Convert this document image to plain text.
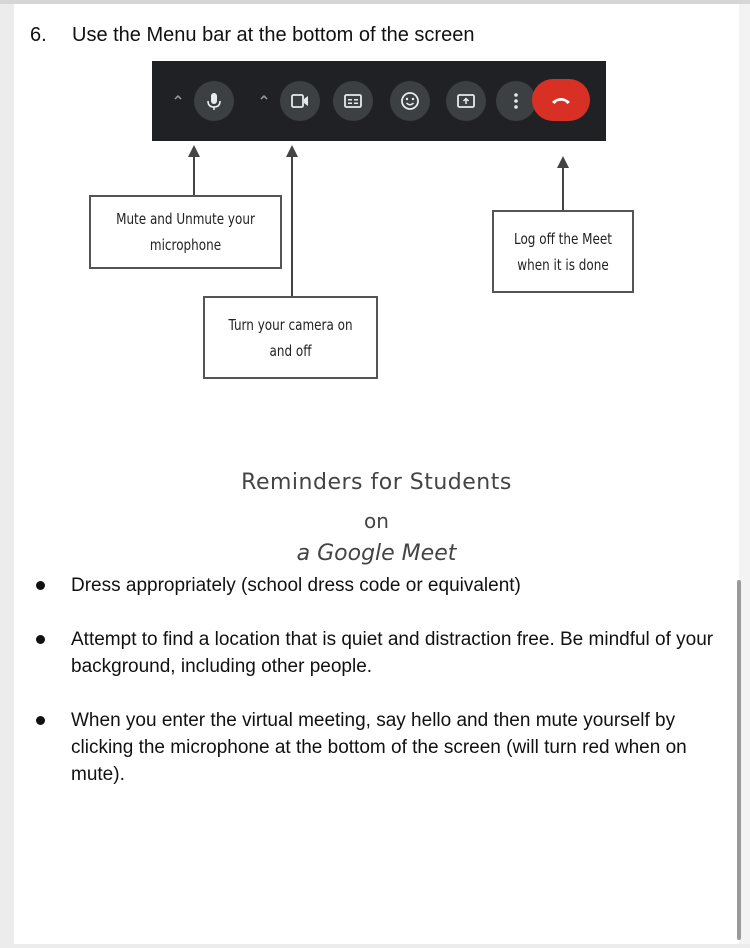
6. Use the Menu bar at the bottom of the screen
Mute and Unmute your microphone	Log off the Meet when it is done
Turn your camera on and off
Reminders for Students
on
a Google Meet
Dress appropriately (school dress code or equivalent)
Attempt to find a location that is quiet and distraction free. Be mindful of your background, including other people.
When you enter the virtual meeting, say hello and then mute yourself by clicking the microphone at the bottom of the screen (will turn red when on mute).
